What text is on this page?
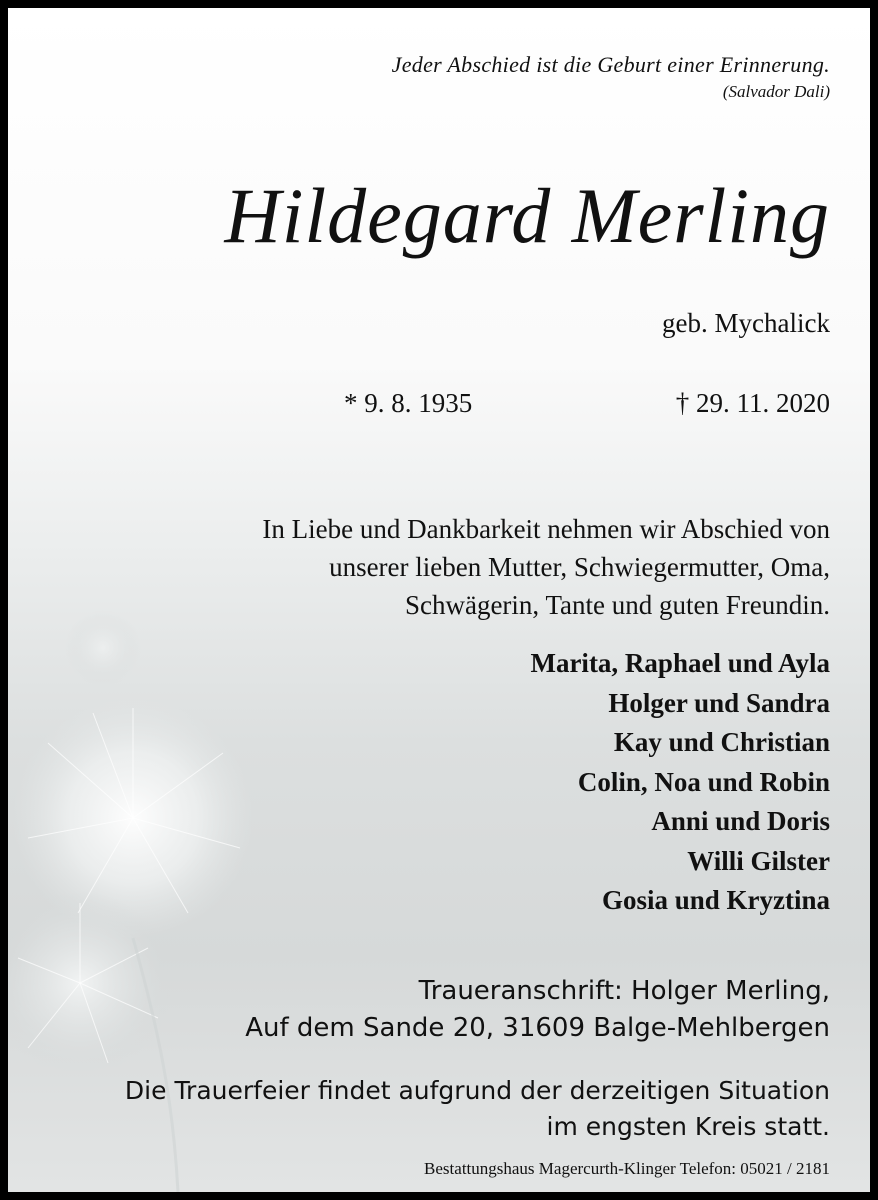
Jeder Abschied ist die Geburt einer Erinnerung.
(Salvador Dali)
Hildegard Merling
geb. Mychalick
* 9. 8. 1935	† 29. 11. 2020
In Liebe und Dankbarkeit nehmen wir Abschied von
unserer lieben Mutter, Schwiegermutter, Oma,
Schwägerin, Tante und guten Freundin.
Marita, Raphael und Ayla
Holger und Sandra
Kay und Christian
Colin, Noa und Robin
Anni und Doris
Willi Gilster
Gosia und Kryztina
Traueranschrift: Holger Merling,
Auf dem Sande 20, 31609 Balge-Mehlbergen
Die Trauerfeier findet aufgrund der derzeitigen Situation
im engsten Kreis statt.
Bestattungshaus Magercurth-Klinger Telefon: 05021 / 2181
